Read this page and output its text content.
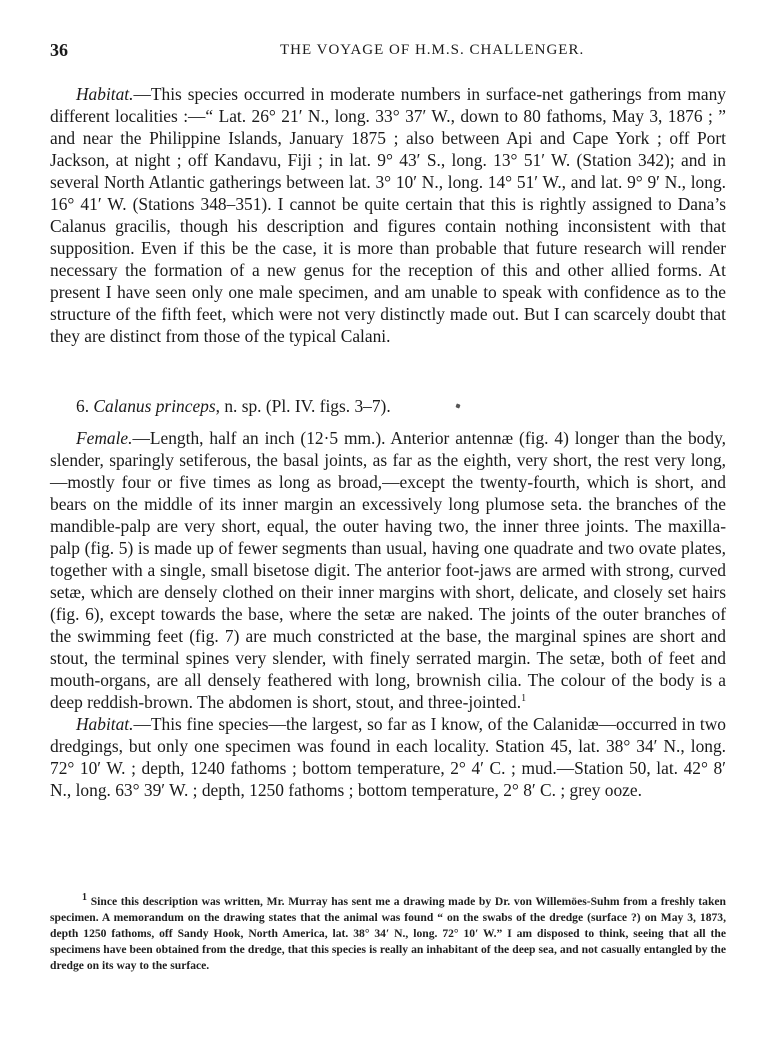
36	THE VOYAGE OF H.M.S. CHALLENGER.

Habitat.—This species occurred in moderate numbers in surface-net gatherings from many different localities :—“ Lat. 26° 21′ N., long. 33° 37′ W., down to 80 fathoms, May 3, 1876 ; ” and near the Philippine Islands, January 1875 ; also between Api and Cape York ; off Port Jackson, at night ; off Kandavu, Fiji ; in lat. 9° 43′ S., long. 13° 51′ W. (Station 342); and in several North Atlantic gatherings between lat. 3° 10′ N., long. 14° 51′ W., and lat. 9° 9′ N., long. 16° 41′ W. (Stations 348–351). I cannot be quite certain that this is rightly assigned to Dana’s Calanus gracilis, though his description and figures contain nothing inconsistent with that supposition. Even if this be the case, it is more than probable that future research will render necessary the formation of a new genus for the reception of this and other allied forms. At present I have seen only one male specimen, and am unable to speak with confidence as to the structure of the fifth feet, which were not very distinctly made out. But I can scarcely doubt that they are distinct from those of the typical Calani.

6. Calanus princeps, n. sp. (Pl. IV. figs. 3–7).

Female.—Length, half an inch (12·5 mm.). Anterior antennæ (fig. 4) longer than the body, slender, sparingly setiferous, the basal joints, as far as the eighth, very short, the rest very long,—mostly four or five times as long as broad,—except the twenty-fourth, which is short, and bears on the middle of its inner margin an excessively long plumose seta. the branches of the mandible-palp are very short, equal, the outer having two, the inner three joints. The maxilla-palp (fig. 5) is made up of fewer segments than usual, having one quadrate and two ovate plates, together with a single, small bisetose digit. The anterior foot-jaws are armed with strong, curved setæ, which are densely clothed on their inner margins with short, delicate, and closely set hairs (fig. 6), except towards the base, where the setæ are naked. The joints of the outer branches of the swimming feet (fig. 7) are much constricted at the base, the marginal spines are short and stout, the terminal spines very slender, with finely serrated margin. The setæ, both of feet and mouth-organs, are all densely feathered with long, brownish cilia. The colour of the body is a deep reddish-brown. The abdomen is short, stout, and three-jointed.$^1$

Habitat.—This fine species—the largest, so far as I know, of the Calanidæ—occurred in two dredgings, but only one specimen was found in each locality. Station 45, lat. 38° 34′ N., long. 72° 10′ W. ; depth, 1240 fathoms ; bottom temperature, 2° 4′ C. ; mud.—Station 50, lat. 42° 8′ N., long. 63° 39′ W. ; depth, 1250 fathoms ; bottom temperature, 2° 8′ C. ; grey ooze.

1 Since this description was written, Mr. Murray has sent me a drawing made by Dr. von Willemöes-Suhm from a freshly taken specimen. A memorandum on the drawing states that the animal was found “ on the swabs of the dredge (surface ?) on May 3, 1873, depth 1250 fathoms, off Sandy Hook, North America, lat. 38° 34′ N., long. 72° 10′ W.” I am disposed to think, seeing that all the specimens have been obtained from the dredge, that this species is really an inhabitant of the deep sea, and not casually entangled by the dredge on its way to the surface.
